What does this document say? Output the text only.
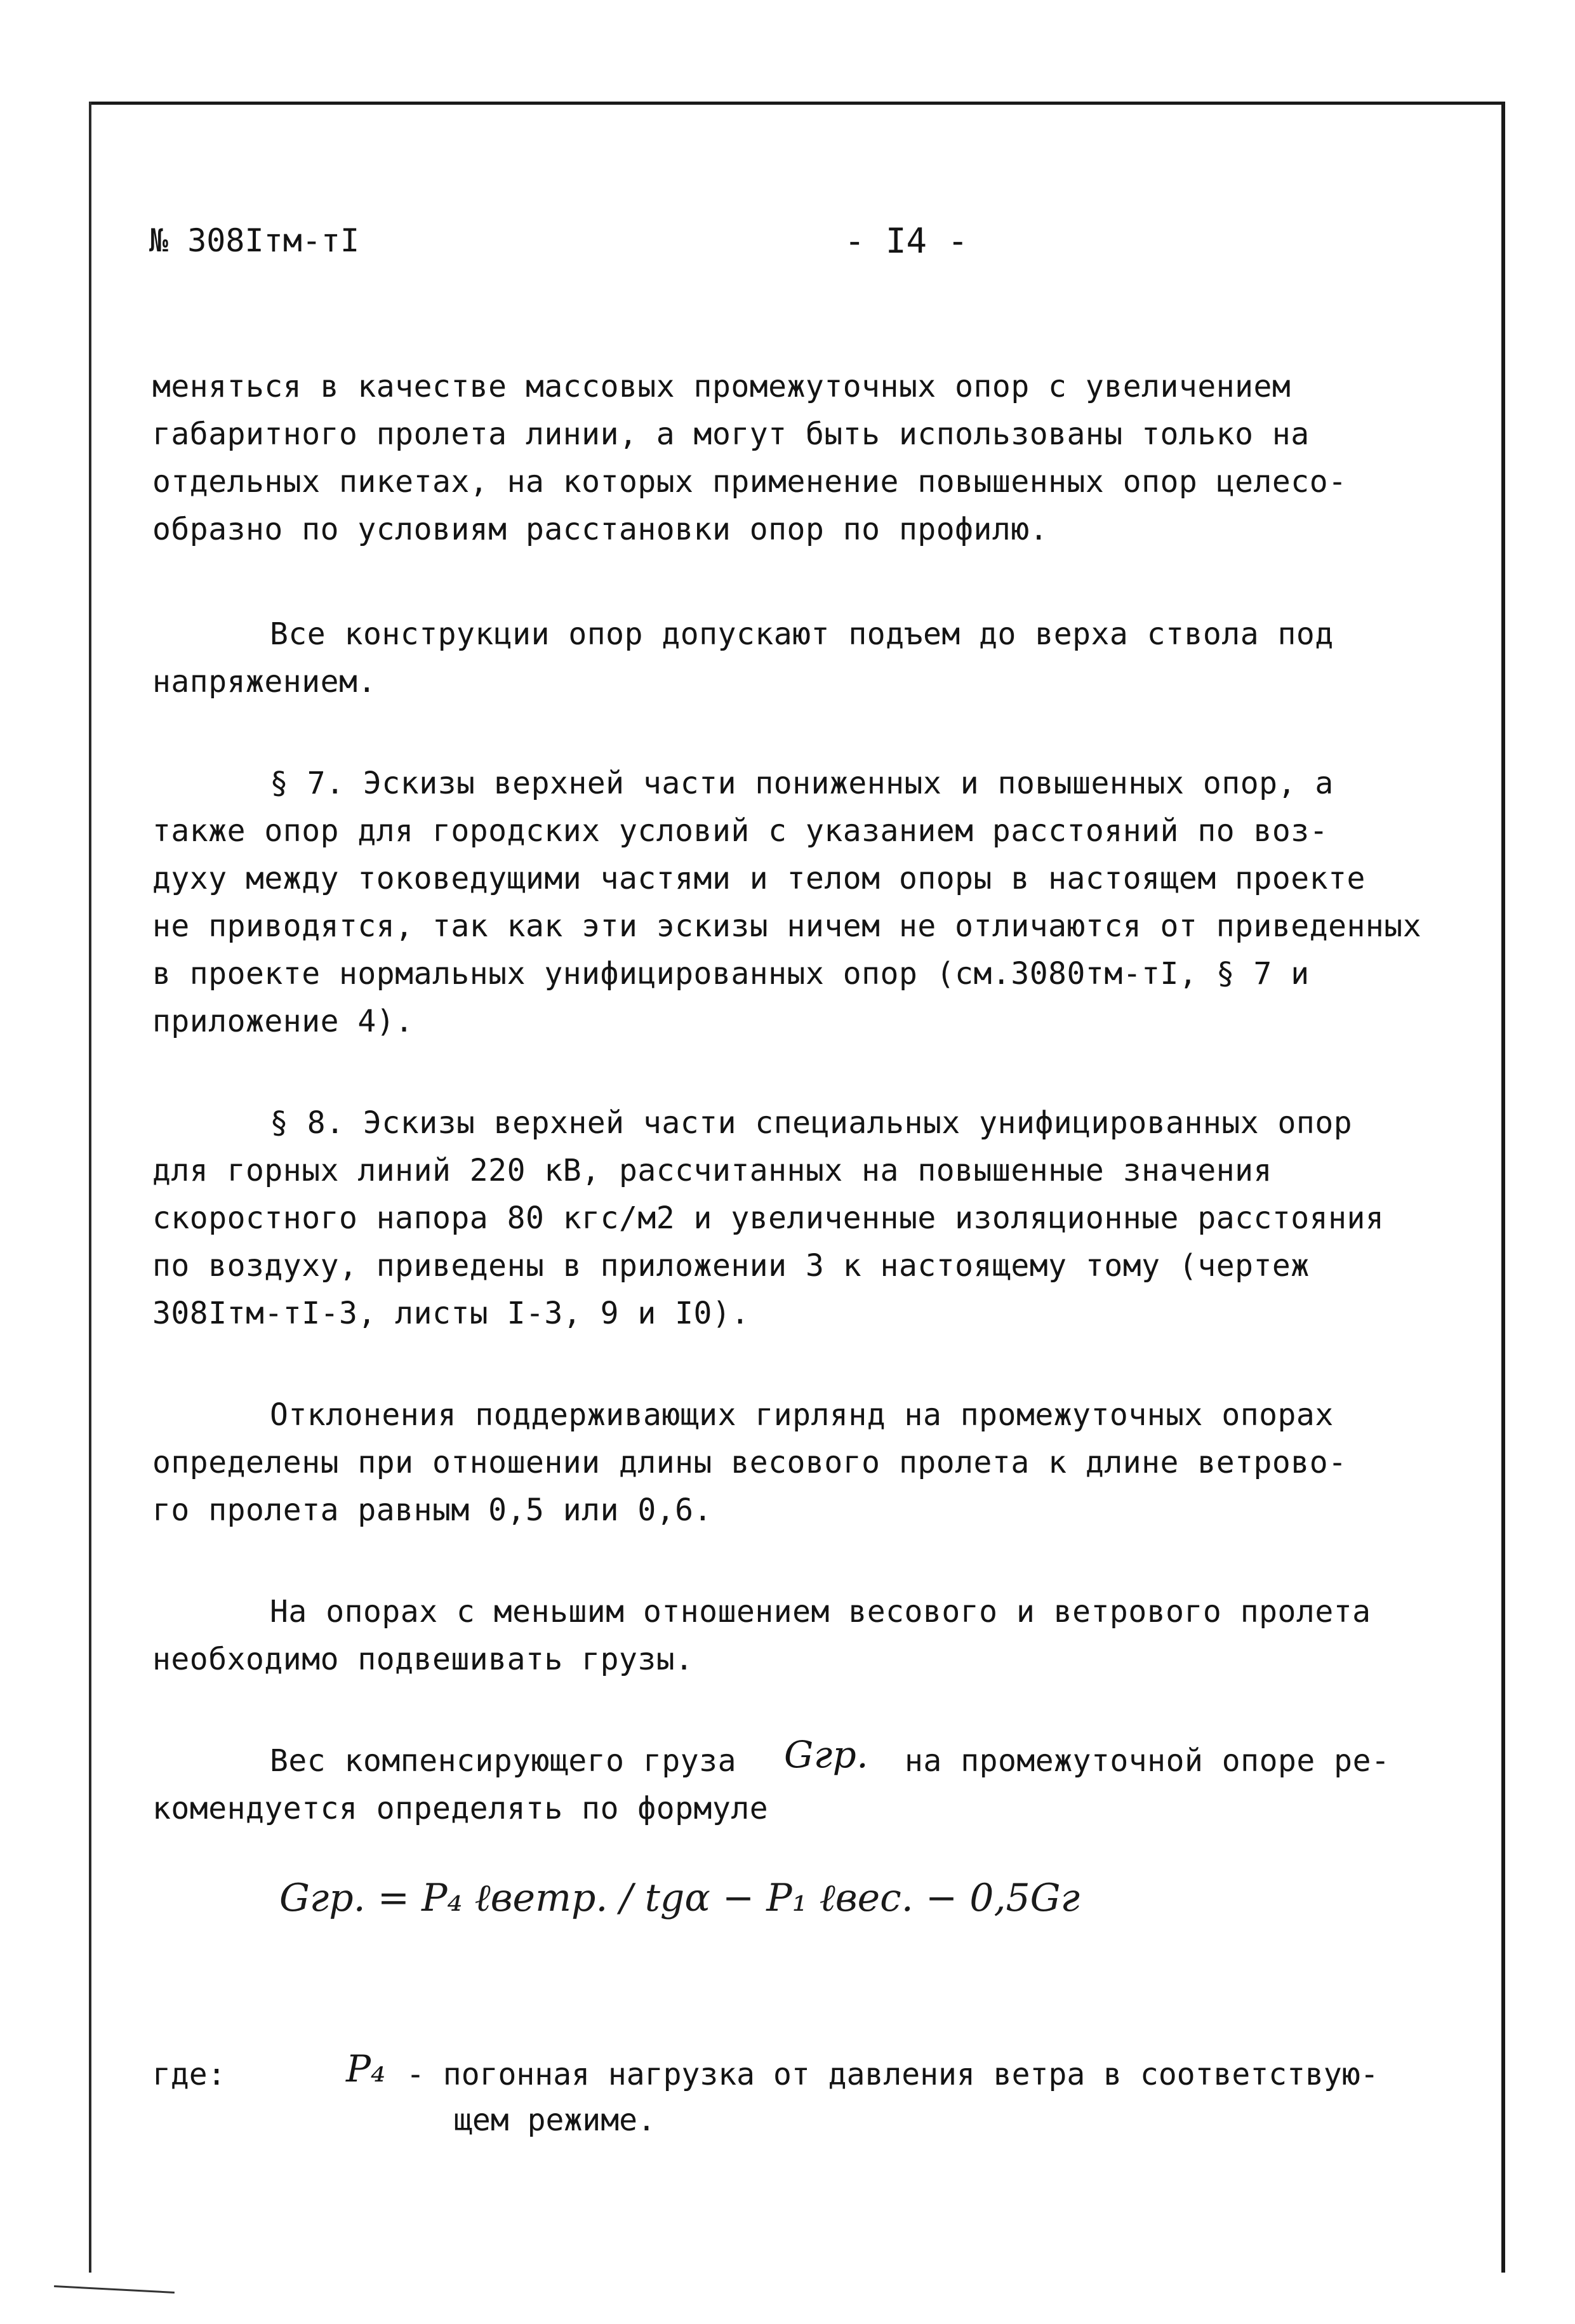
№ 308Iтм-тI	- I4 -
меняться в качестве массовых промежуточных опор с увеличением
габаритного пролета линии, а могут быть использованы только на
отдельных пикетах, на которых применение повышенных опор целесо-
образно по условиям расстановки опор по профилю.
Все конструкции опор допускают подъем до верха ствола под
напряжением.
§ 7. Эскизы верхней части пониженных и повышенных опор, а
также опор для городских условий с указанием расстояний по воз-
духу между токоведущими частями и телом опоры в настоящем проекте
не приводятся, так как эти эскизы ничем не отличаются от приведенных
в проекте нормальных унифицированных опор (см.3080тм-тI, § 7 и
приложение 4).
§ 8. Эскизы верхней части специальных унифицированных опор
для горных линий 220 кВ, рассчитанных на повышенные значения
скоростного напора 80 кгс/м2 и увеличенные изоляционные расстояния
по воздуху, приведены в приложении 3 к настоящему тому (чертеж
308Iтм-тI-3, листы I-3, 9 и I0).
Отклонения поддерживающих гирлянд на промежуточных опорах
определены при отношении длины весового пролета к длине ветрово-
го пролета равным 0,5 или 0,6.
На опорах с меньшим отношением весового и ветрового пролета
необходимо подвешивать грузы.
Вес компенсирующего груза Gгр. на промежуточной опоре ре-
комендуется определять по формуле
Gгр. = P₄ ℓветр. / tgα − P₁ ℓвес. − 0,5Gг
где:	P₄ - погонная нагрузка от давления ветра в соответствую-
щем режиме.
